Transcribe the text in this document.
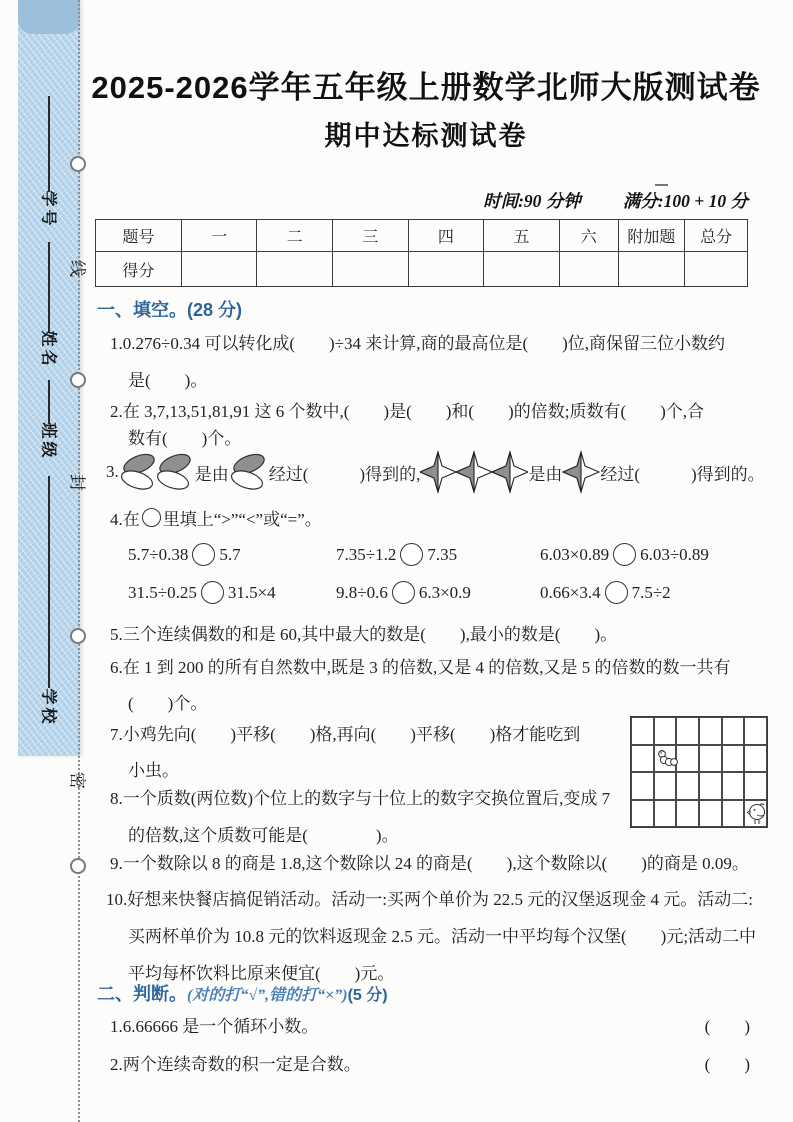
学号
姓名
班级
学校
线
封
密
2025-2026学年五年级上册数学北师大版测试卷
期中达标测试卷
时间:90 分钟 满分:100 + 10 分
题号	一	二	三	四	五	六	附加题	总分
得分								
一、填空。(28 分)
1.0.276÷0.34 可以转化成(　　)÷34 来计算,商的最高位是(　　)位,商保留三位小数约
是(　　)。
2.在 3,7,13,51,81,91 这 6 个数中,(　　)是(　　)和(　　)的倍数;质数有(　　)个,合
数有(　　)个。
3.	是由 经过(　　　)得到的,	是由 经过(　　　)得到的。
4.在 里填上“>”“<”或“=”。
5.7÷0.38 5.7	7.35÷1.2 7.35	6.03×0.89 6.03÷0.89
31.5÷0.25 31.5×4	9.8÷0.6 6.3×0.9	0.66×3.4 7.5÷2
5.三个连续偶数的和是 60,其中最大的数是(　　),最小的数是(　　)。
6.在 1 到 200 的所有自然数中,既是 3 的倍数,又是 4 的倍数,又是 5 的倍数的数一共有
(　　)个。
7.小鸡先向(　　)平移(　　)格,再向(　　)平移(　　)格才能吃到
小虫。
8.一个质数(两位数)个位上的数字与十位上的数字交换位置后,变成 7
的倍数,这个质数可能是(　　　　)。
9.一个数除以 8 的商是 1.8,这个数除以 24 的商是(　　),这个数除以(　　)的商是 0.09。
10.好想来快餐店搞促销活动。活动一:买两个单价为 22.5 元的汉堡返现金 4 元。活动二:
买两杯单价为 10.8 元的饮料返现金 2.5 元。活动一中平均每个汉堡(　　)元;活动二中
平均每杯饮料比原来便宜(　　)元。
二、判断。(对的打“√”,错的打“×”)(5 分)
1.6.66666 是一个循环小数。	(　　)
2.两个连续奇数的积一定是合数。	(　　)
